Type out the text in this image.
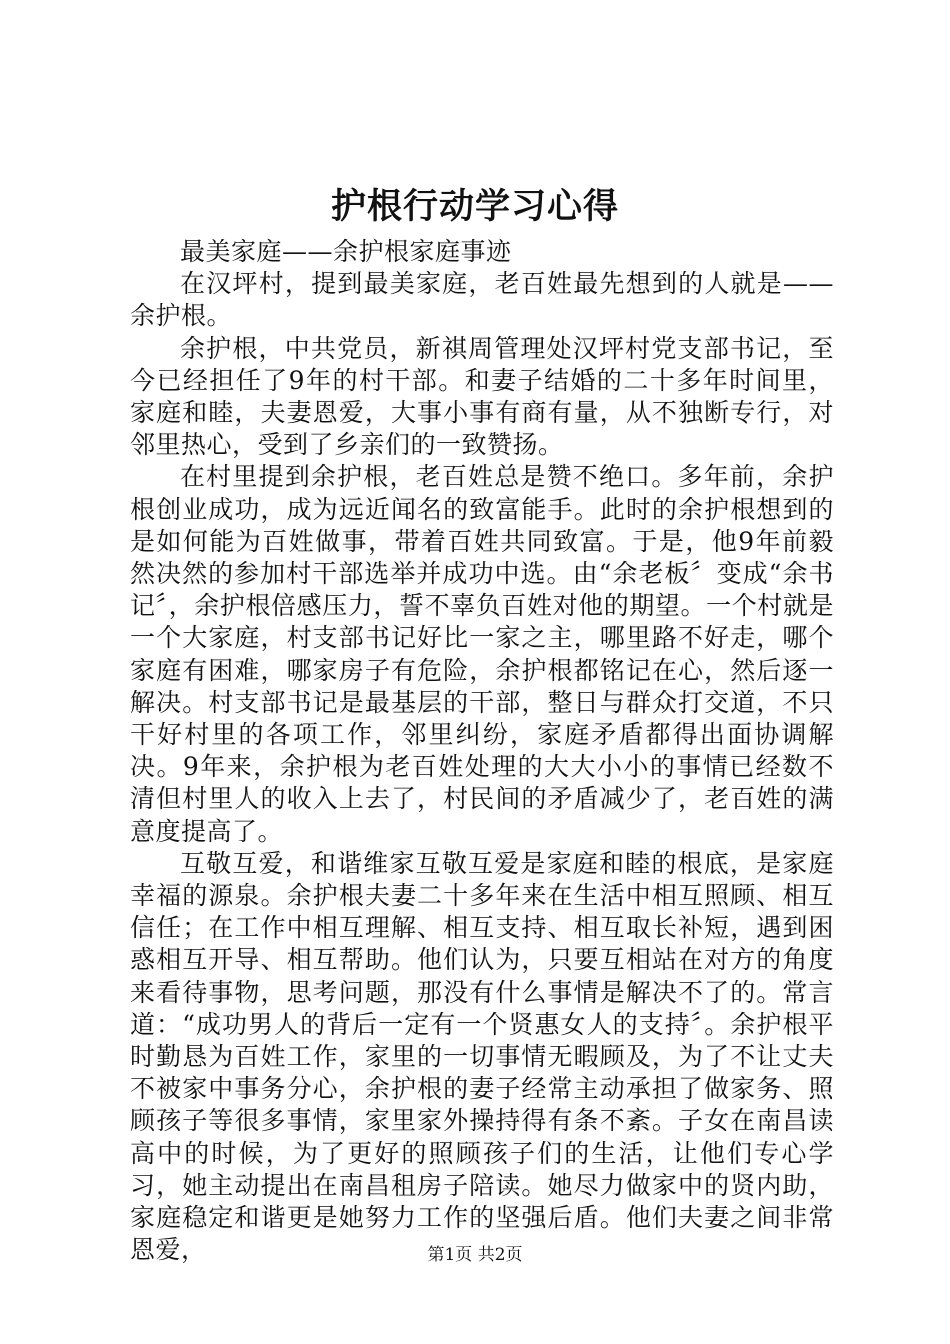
护根行动学习心得

最美家庭——余护根家庭事迹

在汉坪村，提到最美家庭，老百姓最先想到的人就是——余护根。

余护根，中共党员，新祺周管理处汉坪村党支部书记，至今已经担任了9年的村干部。和妻子结婚的二十多年时间里，家庭和睦，夫妻恩爱，大事小事有商有量，从不独断专行，对邻里热心，受到了乡亲们的一致赞扬。

在村里提到余护根，老百姓总是赞不绝口。多年前，余护根创业成功，成为远近闻名的致富能手。此时的余护根想到的是如何能为百姓做事，带着百姓共同致富。于是，他9年前毅然决然的参加村干部选举并成功中选。由“余老板〞变成“余书记〞，余护根倍感压力，誓不辜负百姓对他的期望。一个村就是一个大家庭，村支部书记好比一家之主，哪里路不好走，哪个家庭有困难，哪家房子有危险，余护根都铭记在心，然后逐一解决。村支部书记是最基层的干部，整日与群众打交道，不只干好村里的各项工作，邻里纠纷，家庭矛盾都得出面协调解决。9年来，余护根为老百姓处理的大大小小的事情已经数不清但村里人的收入上去了，村民间的矛盾减少了，老百姓的满意度提高了。

互敬互爱，和谐维家互敬互爱是家庭和睦的根底，是家庭幸福的源泉。余护根夫妻二十多年来在生活中相互照顾、相互信任；在工作中相互理解、相互支持、相互取长补短，遇到困惑相互开导、相互帮助。他们认为，只要互相站在对方的角度来看待事物，思考问题，那没有什么事情是解决不了的。常言道：“成功男人的背后一定有一个贤惠女人的支持〞。余护根平时勤恳为百姓工作，家里的一切事情无暇顾及，为了不让丈夫不被家中事务分心，余护根的妻子经常主动承担了做家务、照顾孩子等很多事情，家里家外操持得有条不紊。子女在南昌读高中的时候，为了更好的照顾孩子们的生活，让他们专心学习，她主动提出在南昌租房子陪读。她尽力做家中的贤内助，家庭稳定和谐更是她努力工作的坚强后盾。他们夫妻之间非常恩爱，	第1页 共2页
